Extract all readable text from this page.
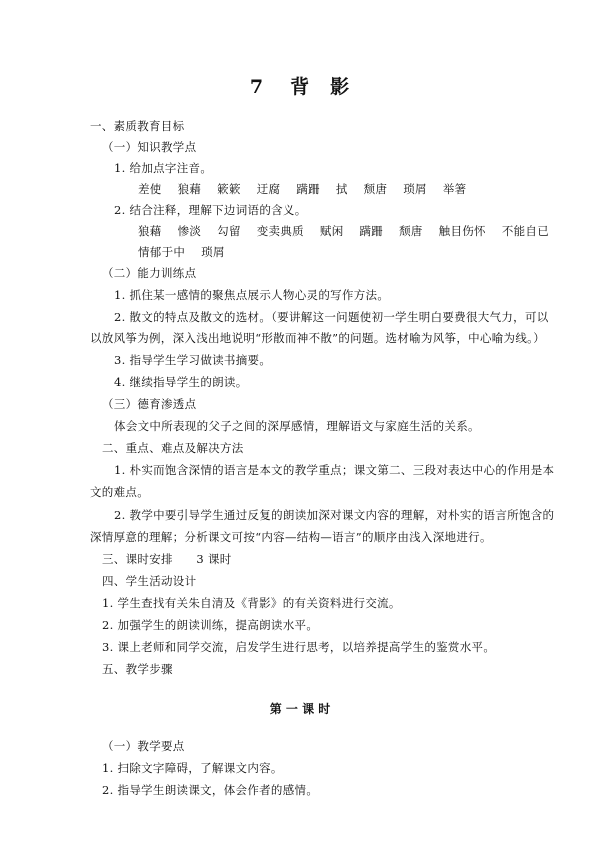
7 背　影
一、素质教育目标
（一）知识教学点
1. 给加点字注音。
差使 狼藉 簌簌 迂腐 蹒跚 拭 颓唐 琐屑 举箸
2. 结合注释，理解下边词语的含义。
狼藉 惨淡 勾留 变卖典质 赋闲 蹒跚 颓唐 触目伤怀 不能自已
情郁于中 琐屑
（二）能力训练点
1. 抓住某一感情的聚焦点展示人物心灵的写作方法。
2. 散文的特点及散文的选材。（要讲解这一问题使初一学生明白要费很大气力，可以
以放风筝为例，深入浅出地说明“形散而神不散”的问题。选材喻为风筝，中心喻为线。）
3. 指导学生学习做读书摘要。
4. 继续指导学生的朗读。
（三）德育渗透点
体会文中所表现的父子之间的深厚感情，理解语文与家庭生活的关系。
二、重点、难点及解决方法
1. 朴实而饱含深情的语言是本文的教学重点；课文第二、三段对表达中心的作用是本
文的难点。
2. 教学中要引导学生通过反复的朗读加深对课文内容的理解，对朴实的语言所饱含的
深情厚意的理解；分析课文可按“内容—结构—语言”的顺序由浅入深地进行。
三、课时安排　　3 课时
四、学生活动设计
1. 学生查找有关朱自清及《背影》的有关资料进行交流。
2. 加强学生的朗读训练，提高朗读水平。
3. 课上老师和同学交流，启发学生进行思考，以培养提高学生的鉴赏水平。
五、教学步骤
第 一 课 时
（一）教学要点
1. 扫除文字障碍，了解课文内容。
2. 指导学生朗读课文，体会作者的感情。
